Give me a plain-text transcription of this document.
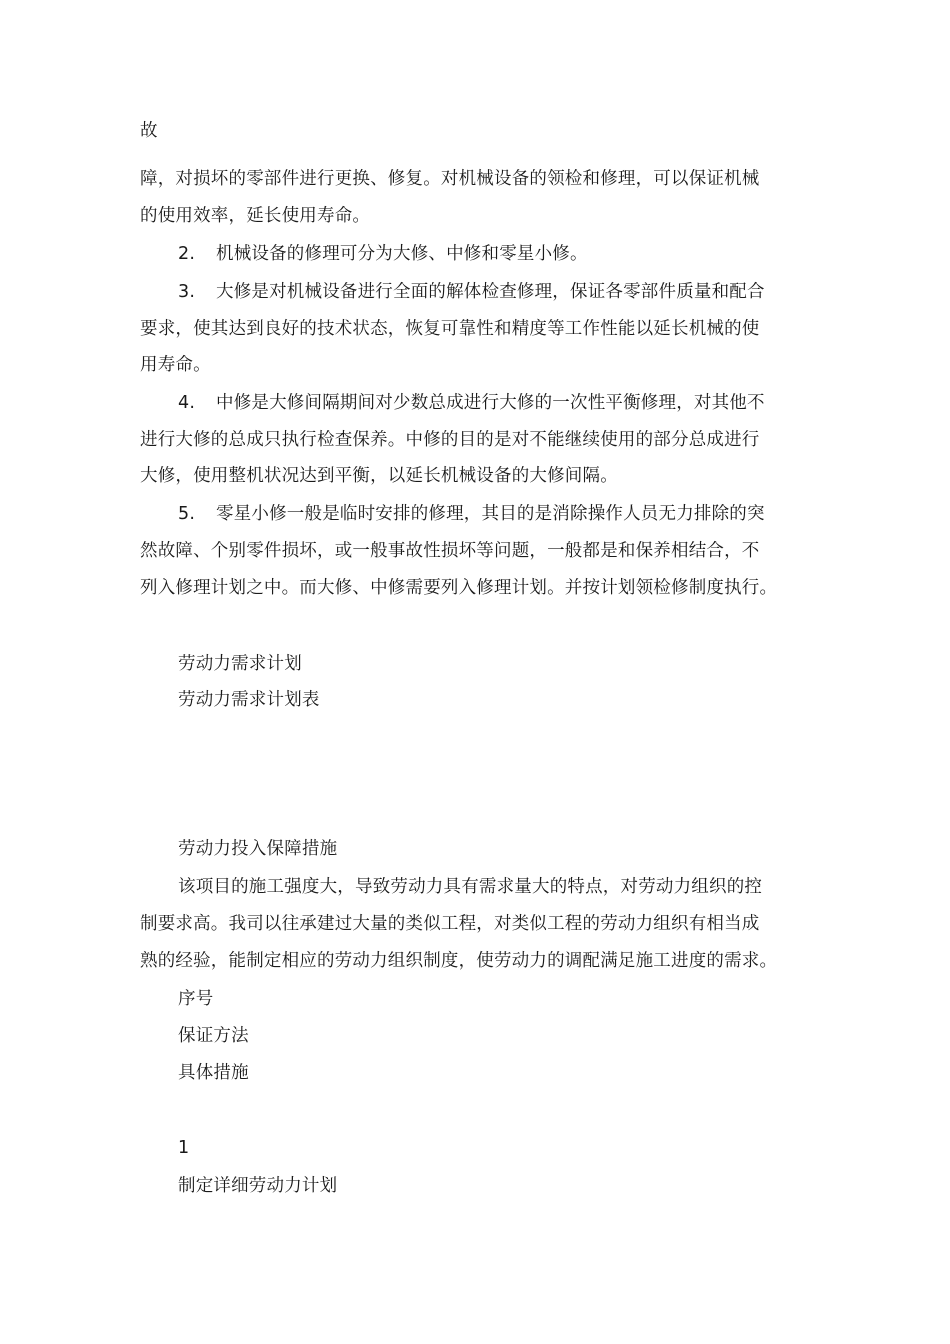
故
障，对损坏的零部件进行更换、修复。对机械设备的领检和修理，可以保证机械
的使用效率，延长使用寿命。
2. 机械设备的修理可分为大修、中修和零星小修。
3. 大修是对机械设备进行全面的解体检查修理，保证各零部件质量和配合
要求，使其达到良好的技术状态，恢复可靠性和精度等工作性能以延长机械的使
用寿命。
4. 中修是大修间隔期间对少数总成进行大修的一次性平衡修理，对其他不
进行大修的总成只执行检查保养。中修的目的是对不能继续使用的部分总成进行
大修，使用整机状况达到平衡，以延长机械设备的大修间隔。
5. 零星小修一般是临时安排的修理，其目的是消除操作人员无力排除的突
然故障、个别零件损坏，或一般事故性损坏等问题，一般都是和保养相结合，不
列入修理计划之中。而大修、中修需要列入修理计划。并按计划领检修制度执行。
劳动力需求计划
劳动力需求计划表
劳动力投入保障措施
该项目的施工强度大，导致劳动力具有需求量大的特点，对劳动力组织的控
制要求高。我司以往承建过大量的类似工程，对类似工程的劳动力组织有相当成
熟的经验，能制定相应的劳动力组织制度，使劳动力的调配满足施工进度的需求。
序号
保证方法
具体措施
1
制定详细劳动力计划
